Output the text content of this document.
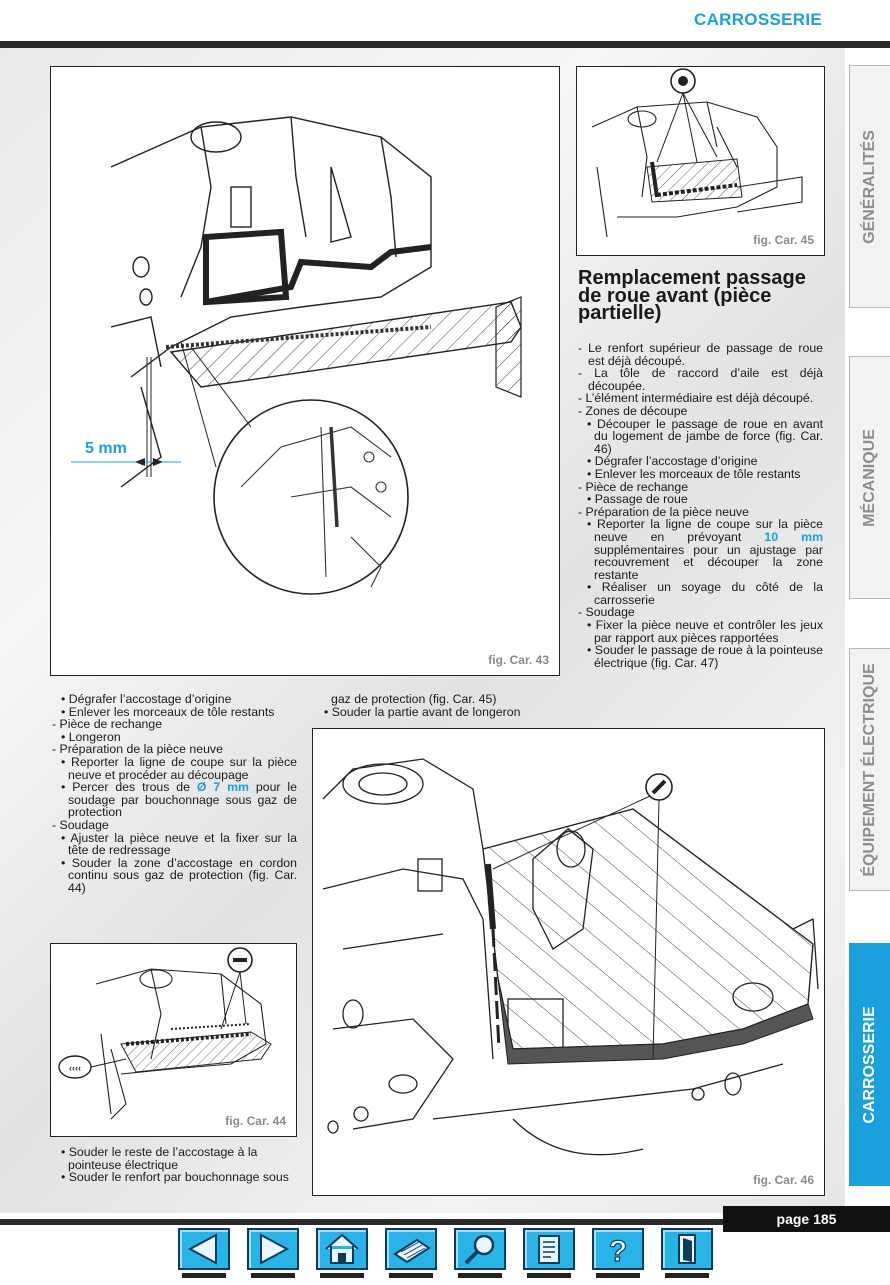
CARROSSERIE
5 mm
fig. Car. 43
fig. Car. 45
Remplacement passage de roue avant (pièce partielle)

- Le renfort supérieur de passage de roue est déjà découpé.

- La tôle de raccord d’aile est déjà découpée.

- L’élément intermédiaire est déjà découpé.

- Zones de découpe

• Découper le passage de roue en avant du logement de jambe de force (fig. Car. 46)

• Dégrafer l’accostage d’origine

• Enlever les morceaux de tôle restants

- Pièce de rechange

• Passage de roue

- Préparation de la pièce neuve

• Reporter la ligne de coupe sur la pièce neuve en prévoyant 10 mm supplémentaires pour un ajustage par recouvrement et découper la zone restante

• Réaliser un soyage du côté de la carrosserie

- Soudage

• Fixer la pièce neuve et contrôler les jeux par rapport aux pièces rapportées

• Souder le passage de roue à la pointeuse électrique (fig. Car. 47)

• Dégrafer l’accostage d’origine

• Enlever les morceaux de tôle restants

- Pièce de rechange

• Longeron

- Préparation de la pièce neuve

• Reporter la ligne de coupe sur la pièce neuve et procéder au découpage

• Percer des trous de Ø 7 mm pour le soudage par bouchonnage sous gaz de protection

- Soudage

• Ajuster la pièce neuve et la fixer sur la tête de redressage

• Souder la zone d’accostage en cordon continu sous gaz de protection (fig. Car. 44)

gaz de protection (fig. Car. 45)

• Souder la partie avant de longeron

‹‹‹‹
fig. Car. 44

• Souder le reste de l’accostage à la pointeuse électrique

• Souder le renfort par bouchonnage sous	fig. Car. 46
GÉNÉRALITÉS
MÉCANIQUE
ÉQUIPEMENT ÉLECTRIQUE
CARROSSERIE
page 185
?
